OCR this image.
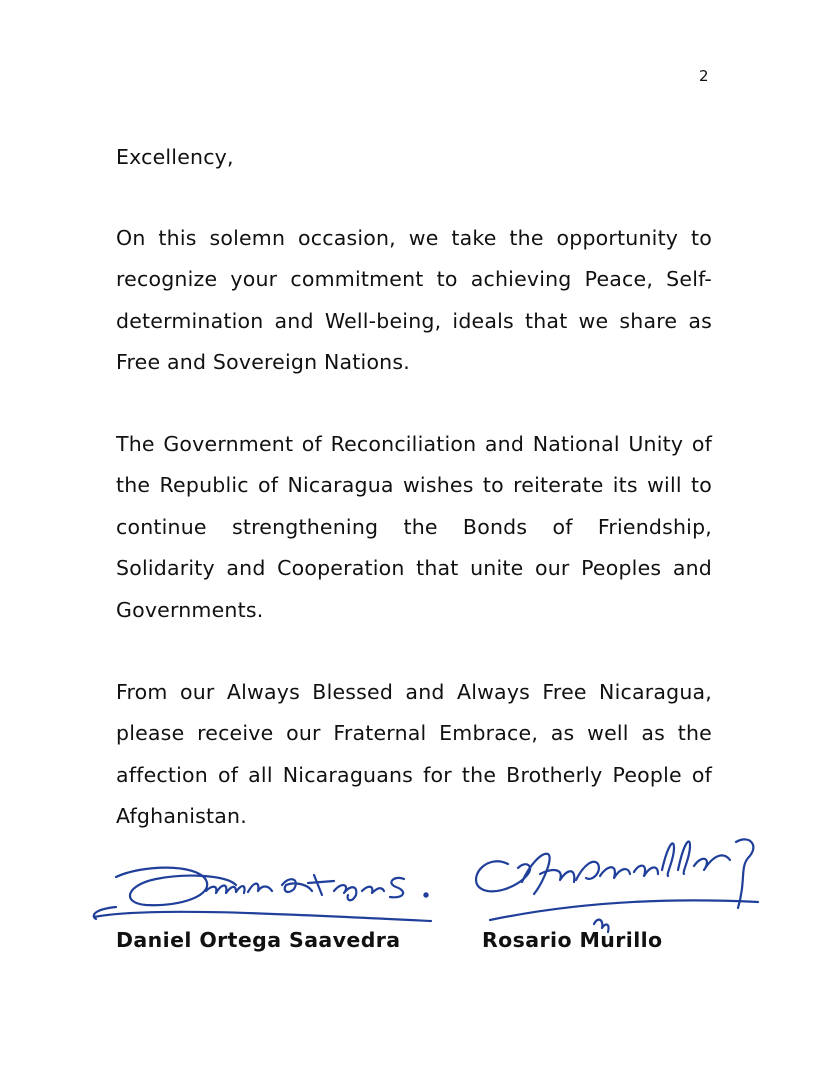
2
Excellency,
On this solemn occasion, we take the opportunity to recognize your commitment to achieving Peace, Self-determination and Well-being, ideals that we share as Free and Sovereign Nations.
The Government of Reconciliation and National Unity of the Republic of Nicaragua wishes to reiterate its will to continue strengthening the Bonds of Friendship, Solidarity and Cooperation that unite our Peoples and Governments.
From our Always Blessed and Always Free Nicaragua, please receive our Fraternal Embrace, as well as the affection of all Nicaraguans for the Brotherly People of Afghanistan.
Daniel Ortega Saavedra	Rosario Murillo
